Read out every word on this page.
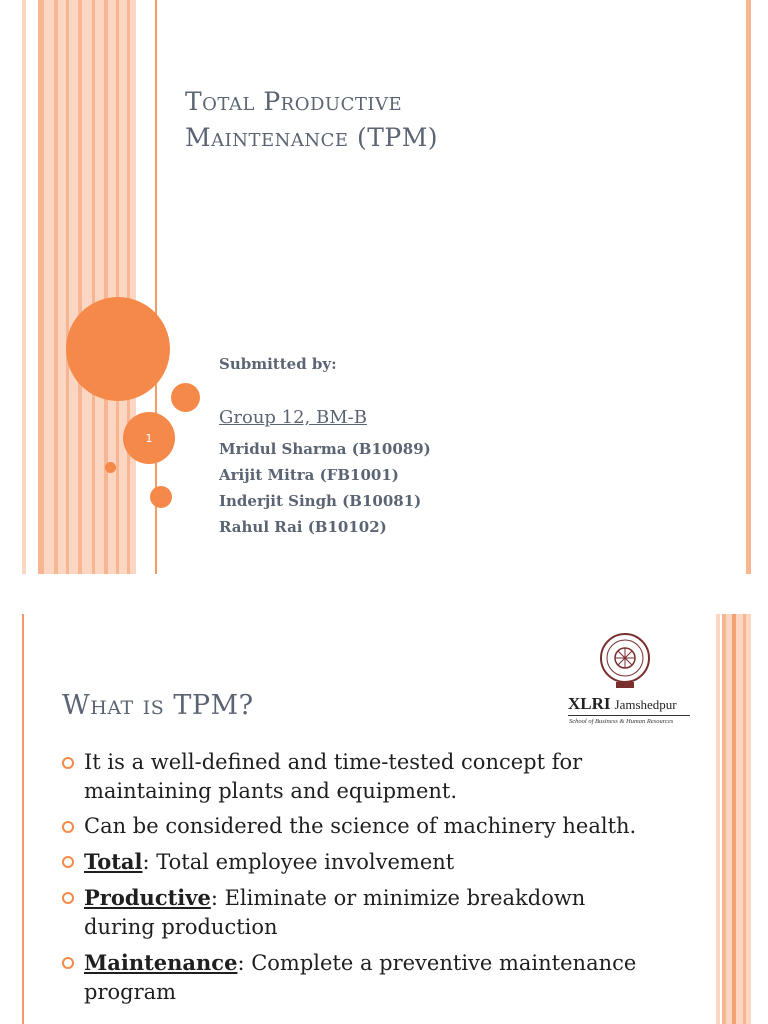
Total Productive
Maintenance (TPM)
1
Submitted by:
Group 12, BM-B
Mridul Sharma (B10089)
Arijit Mitra (FB1001)
Inderjit Singh (B10081)
Rahul Rai (B10102)
What is TPM?	XLRI Jamshedpur
School of Business & Human Resources
It is a well-defined and time-tested concept for maintaining plants and equipment.
Can be considered the science of machinery health.
Total: Total employee involvement
Productive: Eliminate or minimize breakdown during production
Maintenance: Complete a preventive maintenance program
